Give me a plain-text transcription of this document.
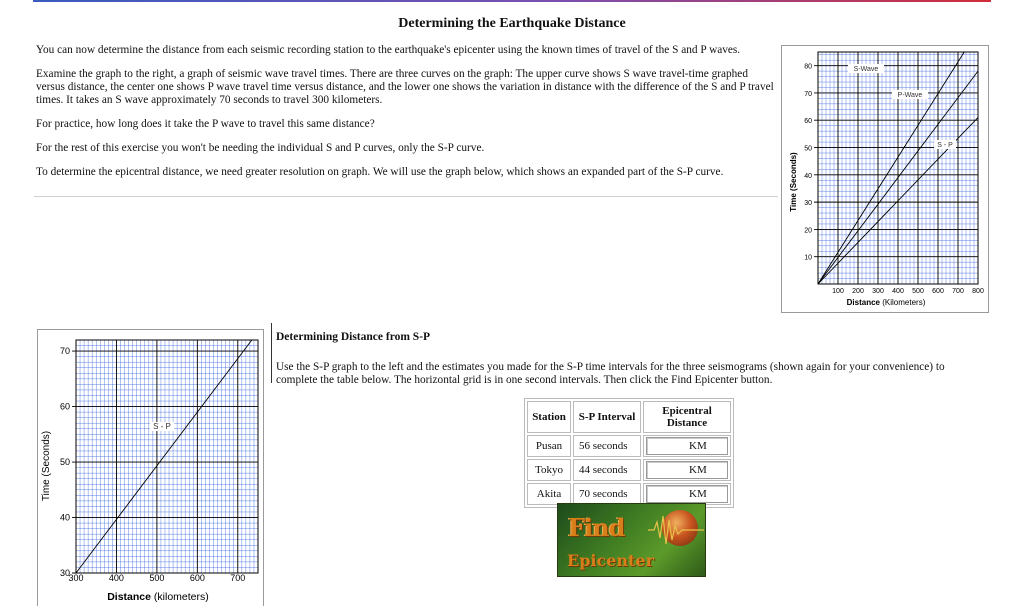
Determining the Earthquake Distance

You can now determine the distance from each seismic recording station to the earthquake's epicenter using the known times of travel of the S and P waves.

Examine the graph to the right, a graph of seismic wave travel times. There are three curves on the graph: The upper curve shows S wave travel-time graphed versus distance, the center one shows P wave travel time versus distance, and the lower one shows the variation in distance with the difference of the S and P travel times. It takes an S wave approximately 70 seconds to travel 300 kilometers.

For practice, how long does it take the P wave to travel this same distance?

For the rest of this exercise you won't be needing the individual S and P curves, only the S-P curve.

To determine the epicentral distance, we need greater resolution on graph. We will use the graph below, which shows an expanded part of the S-P curve.

S-Wave
P-Wave
S - P
100 200 300 400 500 600 700 800
10
20
30
40
50
60
70
80
Time (Seconds)
Distance (Kilometers)
S - P
300	400	500	600	700
30
40
50
60
70
Time (Seconds)
Distance (kilometers)
Determining Distance from S-P
Use the S-P graph to the left and the estimates you made for the S-P time intervals for the three seismograms (shown again for your convenience) to complete the table below. The horizontal grid is in one second intervals. Then click the Find Epicenter button.
Station	S-P Interval	Epicentral Distance
Pusan	56 seconds	KM

Tokyo	44 seconds	KM

Akita	70 seconds	KM
Find
Epicenter
